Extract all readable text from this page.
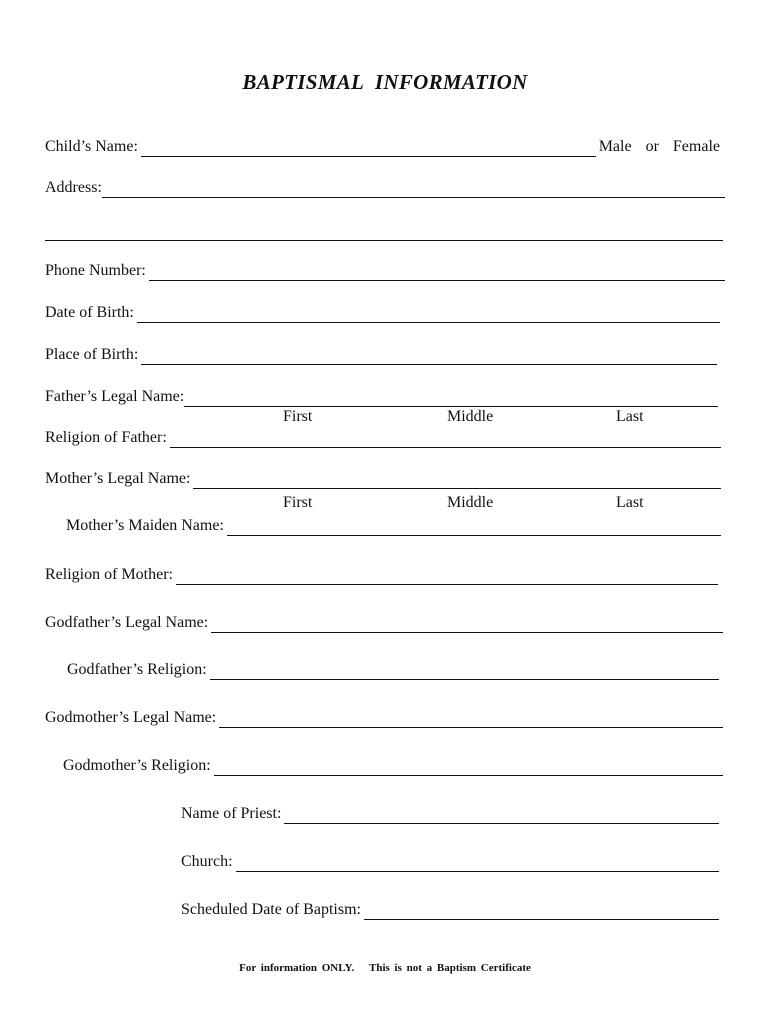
BAPTISMAL INFORMATION
Child’s Name:	Male or Female
Address:
Phone Number:
Date of Birth:
Place of Birth:
Father’s Legal Name:
First	Middle	Last
Religion of Father:
Mother’s Legal Name:
First	Middle	Last
Mother’s Maiden Name:
Religion of Mother:
Godfather’s Legal Name:
Godfather’s Religion:
Godmother’s Legal Name:
Godmother’s Religion:
Name of Priest:
Church:
Scheduled Date of Baptism:
For information ONLY. This is not a Baptism Certificate
